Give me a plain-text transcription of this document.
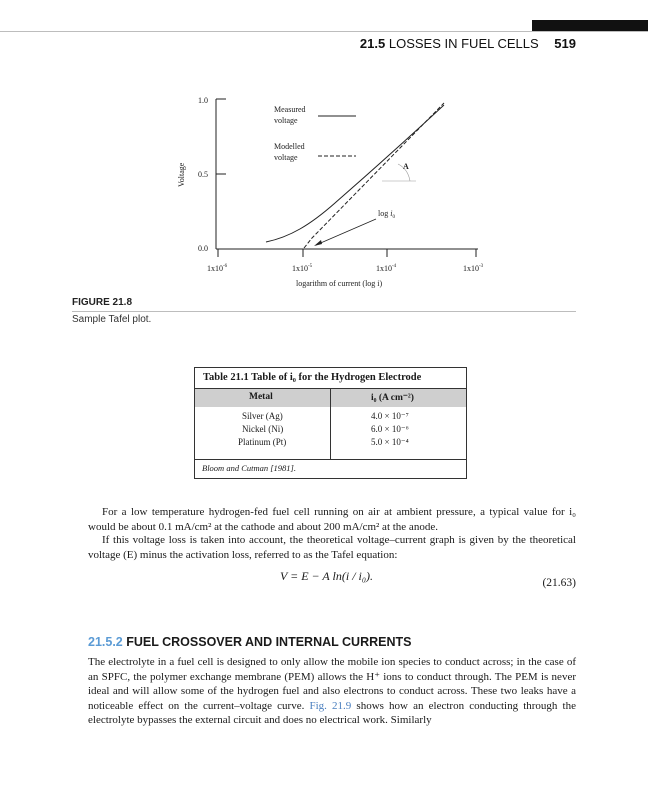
21.5 LOSSES IN FUEL CELLS 519
1.0
0.5
0.0
Voltage
$1x10^{-6}$	$1x10^{-5}$	$1x10^{-4}$	$1x10^{-3}$
logarithm of current (log i)
Measured
voltage
Modelled
voltage
A
$\log i_0$
FIGURE 21.8
Sample Tafel plot.
Table 21.1 Table of i₀ for the Hydrogen Electrode
Metal	i₀ (A cm⁻²)
Silver (Ag)	4.0 × 10⁻⁷
Nickel (Ni)	6.0 × 10⁻⁶
Platinum (Pt)	5.0 × 10⁻⁴
Bloom and Cutman [1981].
For a low temperature hydrogen-fed fuel cell running on air at ambient pressure, a typical value for i₀ would be about 0.1 mA/cm² at the cathode and about 200 mA/cm² at the anode.
If this voltage loss is taken into account, the theoretical voltage–current graph is given by the theoretical voltage (E) minus the activation loss, referred to as the Tafel equation:
V = E − A ln(i / i₀).	(21.63)
21.5.2 FUEL CROSSOVER AND INTERNAL CURRENTS
The electrolyte in a fuel cell is designed to only allow the mobile ion species to conduct across; in the case of an SPFC, the polymer exchange membrane (PEM) allows the H⁺ ions to conduct through. The PEM is never ideal and will allow some of the hydrogen fuel and also electrons to conduct across. These two leaks have a noticeable effect on the current–voltage curve. Fig. 21.9 shows how an electron conducting through the electrolyte bypasses the external circuit and does no electrical work. Similarly
